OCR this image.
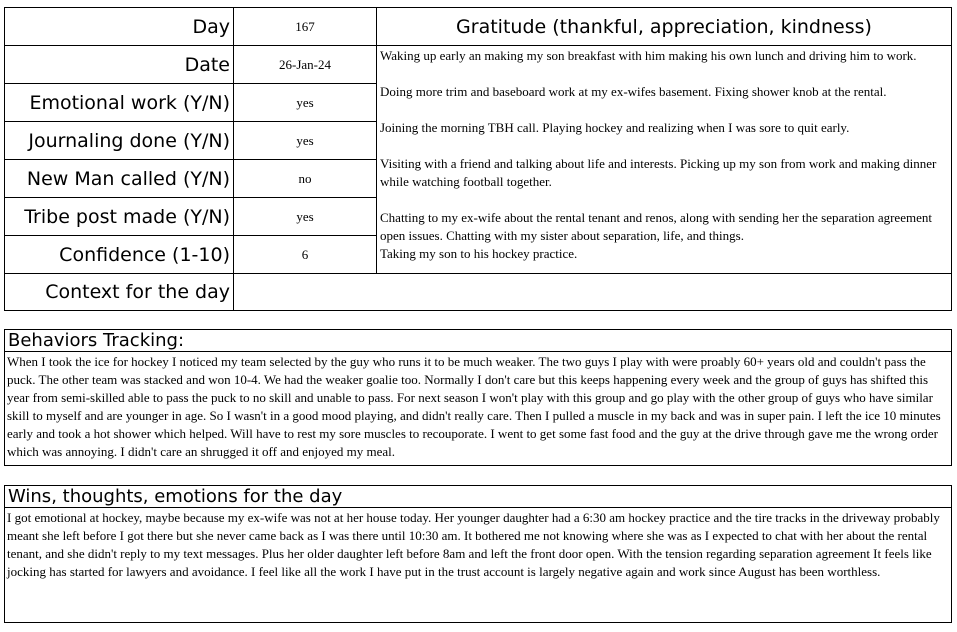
Day	167
Date	26-Jan-24
Emotional work (Y/N)	yes
Journaling done (Y/N)	yes
New Man called (Y/N)	no
Tribe post made (Y/N)	yes
Confidence (1-10)	6
Context for the day
Gratitude (thankful, appreciation, kindness)
Waking up early an making my son breakfast with him making his own lunch and driving him to work.
Doing more trim and baseboard work at my ex-wifes basement. Fixing shower knob at the rental.
Joining the morning TBH call. Playing hockey and realizing when I was sore to quit early.
Visiting with a friend and talking about life and interests. Picking up my son from work and making dinner while watching football together.
Chatting to my ex-wife about the rental tenant and renos, along with sending her the separation agreement open issues. Chatting with my sister about separation, life, and things.
Taking my son to his hockey practice.
Behaviors Tracking:
When I took the ice for hockey I noticed my team selected by the guy who runs it to be much weaker. The two guys I play with were proably 60+ years old and couldn't pass the puck. The other team was stacked and won 10-4. We had the weaker goalie too. Normally I don't care but this keeps happening every week and the group of guys has shifted this year from semi-skilled able to pass the puck to no skill and unable to pass. For next season I won't play with this group and go play with the other group of guys who have similar skill to myself and are younger in age. So I wasn't in a good mood playing, and didn't really care. Then I pulled a muscle in my back and was in super pain. I left the ice 10 minutes early and took a hot shower which helped. Will have to rest my sore muscles to recouporate. I went to get some fast food and the guy at the drive through gave me the wrong order which was annoying. I didn't care an shrugged it off and enjoyed my meal.
Wins, thoughts, emotions for the day
I got emotional at hockey, maybe because my ex-wife was not at her house today. Her younger daughter had a 6:30 am hockey practice and the tire tracks in the driveway probably meant she left before I got there but she never came back as I was there until 10:30 am. It bothered me not knowing where she was as I expected to chat with her about the rental tenant, and she didn't reply to my text messages. Plus her older daughter left before 8am and left the front door open. With the tension regarding separation agreement It feels like jocking has started for lawyers and avoidance. I feel like all the work I have put in the trust account is largely negative again and work since August has been worthless.
